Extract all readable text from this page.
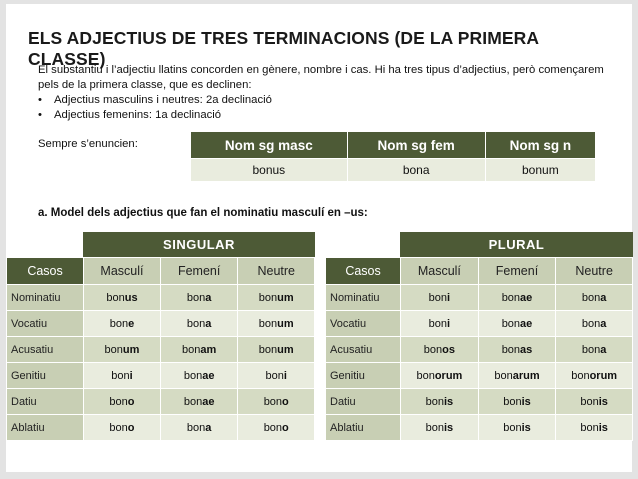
ELS ADJECTIUS DE TRES TERMINACIONS (DE LA PRIMERA CLASSE)
El substantiu i l’adjectiu llatins concorden en gènere, nombre i cas. Hi ha tres tipus d’adjectius, però començarem pels de la primera classe, que es declinen:
• Adjectius masculins i neutres: 2a declinació
• Adjectius femenins: 1a declinació
Sempre s’enuncien:	Nom sg masc	Nom sg fem	Nom sg n
bonus	bona	bonum
a. Model dels adjectius que fan el nominatiu masculí en –us:
SINGULAR	PLURAL
Casos	Masculí	Femení	Neutre
Nominatiu	bonus	bona	bonum
Vocatiu	bone	bona	bonum
Acusatiu	bonum	bonam	bonum
Genitiu	boni	bonae	boni
Datiu	bono	bonae	bono
Ablatiu	bono	bona	bono
Casos	Masculí	Femení	Neutre
Nominatiu	boni	bonae	bona
Vocatiu	boni	bonae	bona
Acusatiu	bonos	bonas	bona
Genitiu	bonorum	bonarum	bonorum
Datiu	bonis	bonis	bonis
Ablatiu	bonis	bonis	bonis
